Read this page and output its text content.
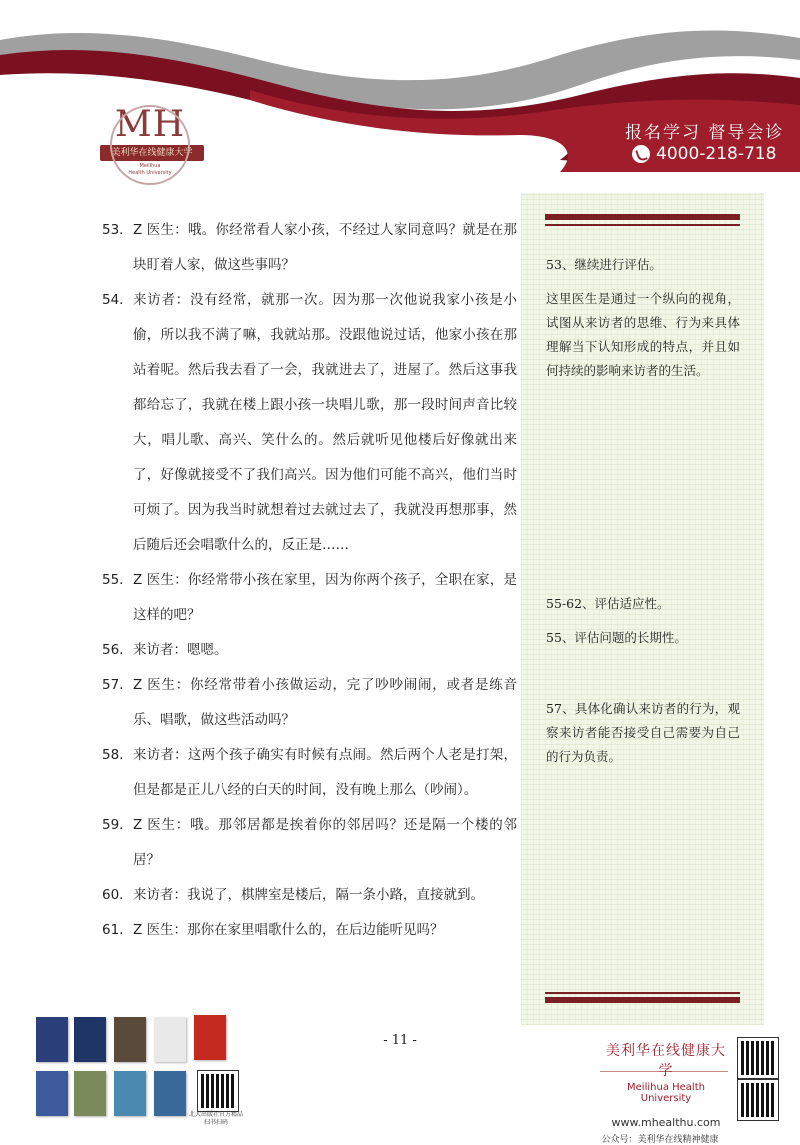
MH
美利华在线健康大学
Meilihua
Health University
报名学习 督导会诊
4000-218-718
53、继续进行评估。
这里医生是通过一个纵向的视角，试图从来访者的思维、行为来具体理解当下认知形成的特点，并且如何持续的影响来访者的生活。
55-62、评估适应性。
55、评估问题的长期性。
57、具体化确认来访者的行为，观察来访者能否接受自己需要为自己的行为负责。
53. Z 医生：哦。你经常看人家小孩，不经过人家同意吗？就是在那块盯着人家，做这些事吗？
54. 来访者：没有经常，就那一次。因为那一次他说我家小孩是小偷，所以我不满了嘛，我就站那。没跟他说过话，他家小孩在那站着呢。然后我去看了一会，我就进去了，进屋了。然后这事我都给忘了，我就在楼上跟小孩一块唱儿歌，那一段时间声音比较大，唱儿歌、高兴、笑什么的。然后就听见他楼后好像就出来了，好像就接受不了我们高兴。因为他们可能不高兴，他们当时可烦了。因为我当时就想着过去就过去了，我就没再想那事，然后随后还会唱歌什么的，反正是……
55. Z 医生：你经常带小孩在家里，因为你两个孩子，全职在家，是这样的吧？
56. 来访者：嗯嗯。
57. Z 医生：你经常带着小孩做运动，完了吵吵闹闹，或者是练音乐、唱歌，做这些活动吗？
58. 来访者：这两个孩子确实有时候有点闹。然后两个人老是打架，但是都是正儿八经的白天的时间，没有晚上那么（吵闹）。
59. Z 医生：哦。那邻居都是挨着你的邻居吗？还是隔一个楼的邻居？
60. 来访者：我说了，棋牌室是楼后，隔一条小路，直接就到。
61. Z 医生：那你在家里唱歌什么的，在后边能听见吗？
- 11 -
北大出版社官方精品
扫书扫码
美利华在线健康大学
Meilihua Health University
www.mhealthu.com
公众号：美利华在线精神健康
